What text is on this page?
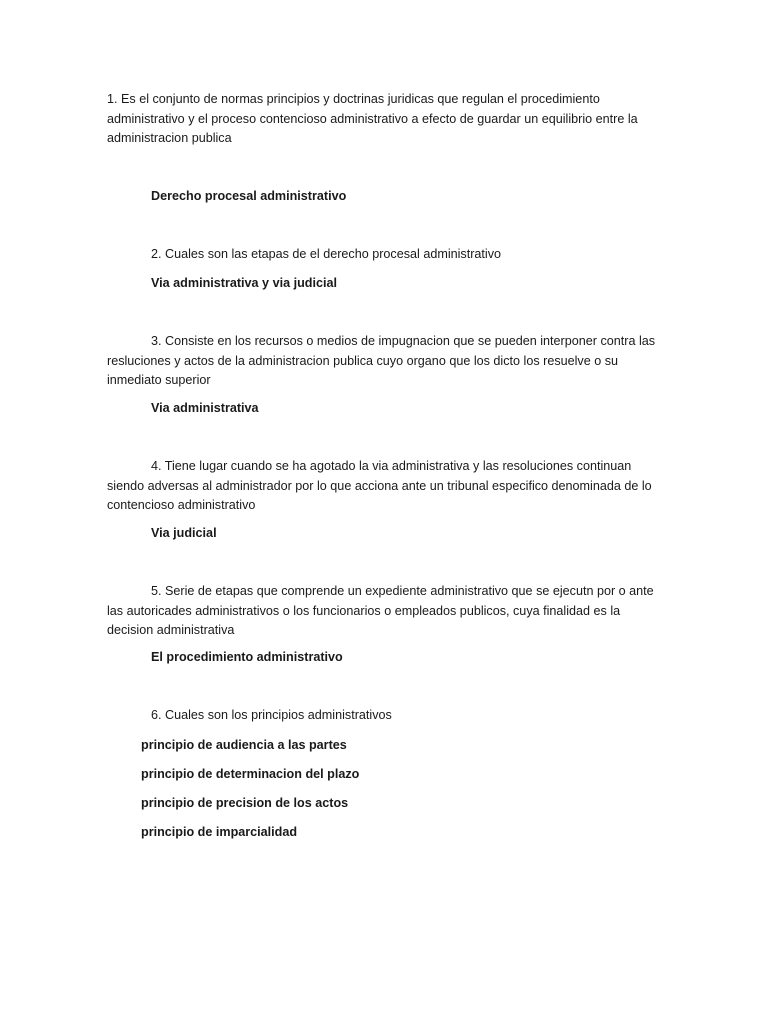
1. Es el conjunto de normas principios y doctrinas juridicas que regulan el procedimiento administrativo y el proceso contencioso administrativo a efecto de guardar un equilibrio entre la administracion publica

Derecho procesal administrativo

2. Cuales son las etapas de el derecho procesal administrativo

Via administrativa y via judicial

3. Consiste en los recursos o medios de impugnacion que se pueden interponer contra las resluciones y actos de la administracion publica cuyo organo que los dicto los resuelve o su inmediato superior

Via administrativa

4. Tiene lugar cuando se ha agotado la via administrativa y las resoluciones continuan siendo adversas al administrador por lo que acciona ante un tribunal especifico denominada de lo contencioso administrativo

Via judicial

5. Serie de etapas que comprende un expediente administrativo que se ejecutn por o ante las autoricades administrativos o los funcionarios o empleados publicos, cuya finalidad es la decision administrativa

El procedimiento administrativo

6. Cuales son los principios administrativos

principio de audiencia a las partes

principio de determinacion del plazo

principio de precision de los actos

principio de imparcialidad
